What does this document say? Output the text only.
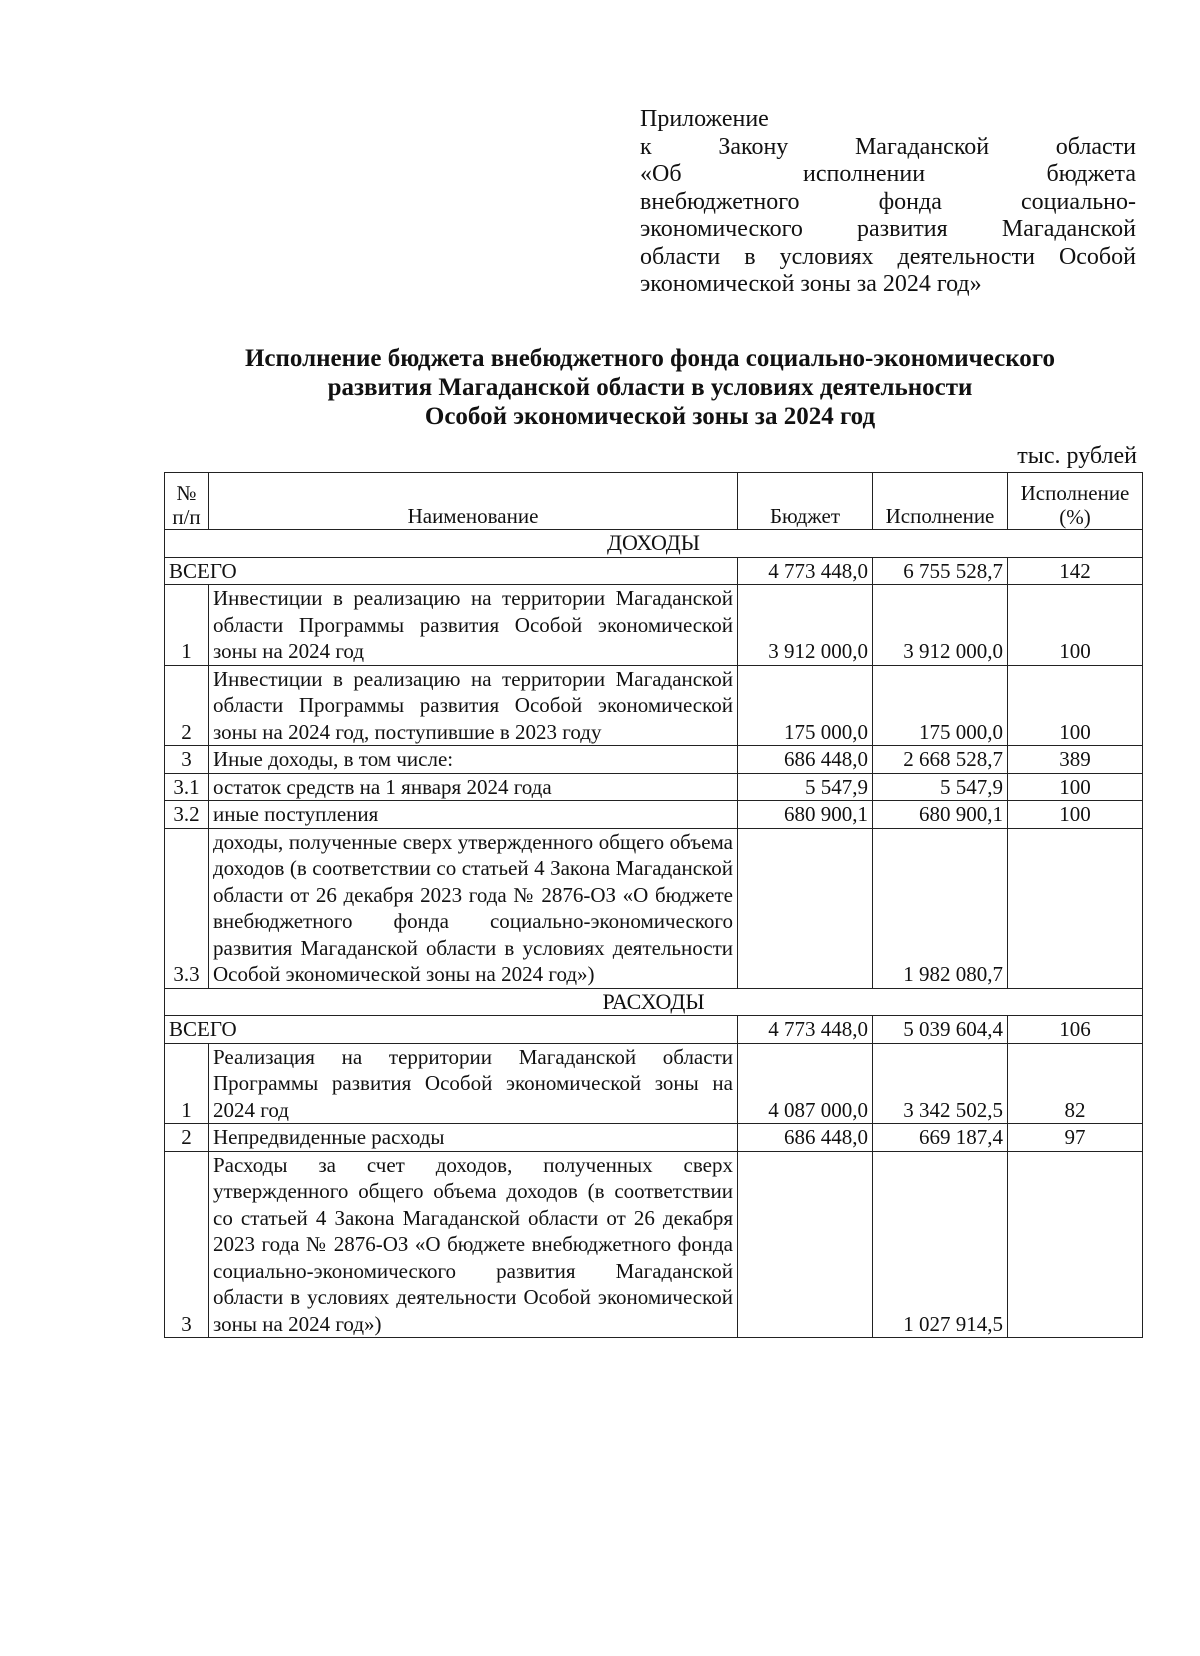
Приложение
к Закону Магаданской области
«Об исполнении бюджета
внебюджетного фонда социально-
экономического развития Магаданской
области в условиях деятельности Особой
экономической зоны за 2024 год»
Исполнение бюджета внебюджетного фонда социально-экономического
развития Магаданской области в условиях деятельности
Особой экономической зоны за 2024 год
тыс. рублей
№ п/п	Наименование	Бюджет	Исполнение	Исполнение (%)
ДОХОДЫ				
ВСЕГО		4 773 448,0	6 755 528,7	142
1	Инвестиции в реализацию на территории Магаданской области Программы развития Особой экономической зоны на 2024 год	3 912 000,0	3 912 000,0	100
2	Инвестиции в реализацию на территории Магаданской области Программы развития Особой экономической зоны на 2024 год, поступившие в 2023 году	175 000,0	175 000,0	100
3	Иные доходы, в том числе:	686 448,0	2 668 528,7	389
3.1	остаток средств на 1 января 2024 года	5 547,9	5 547,9	100
3.2	иные поступления	680 900,1	680 900,1	100
3.3	доходы, полученные сверх утвержденного общего объема доходов (в соответствии со статьей 4 Закона Магаданской области от 26 декабря 2023 года № 2876-ОЗ «О бюджете внебюджетного фонда социально-экономического развития Магаданской области в условиях деятельности Особой экономической зоны на 2024 год»)		1 982 080,7	
РАСХОДЫ				
ВСЕГО		4 773 448,0	5 039 604,4	106
1	Реализация на территории Магаданской области Программы развития Особой экономической зоны на 2024 год	4 087 000,0	3 342 502,5	82
2	Непредвиденные расходы	686 448,0	669 187,4	97
3	Расходы за счет доходов, полученных сверх утвержденного общего объема доходов (в соответствии со статьей 4 Закона Магаданской области от 26 декабря 2023 года № 2876-ОЗ «О бюджете внебюджетного фонда социально-экономического развития Магаданской области в условиях деятельности Особой экономической зоны на 2024 год»)		1 027 914,5	
